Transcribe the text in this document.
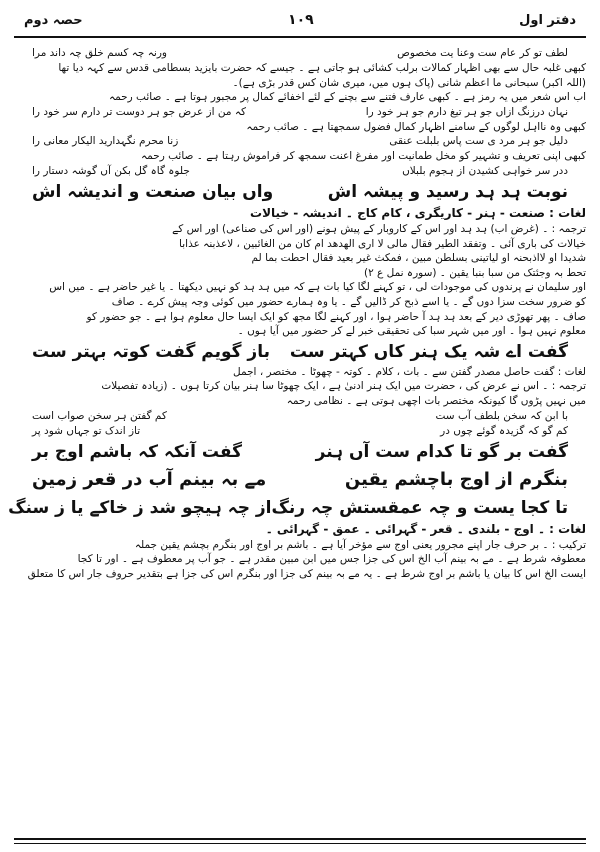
دفتر اول
۱۰۹
حصہ دوم
لطف تو کر عام ست وعنا یت مخصوص
ورنہ چہ کسم خلق چہ داند مرا

کبھی غلبہ حال سے بھی اظہار کمالات برلب کشائی ہو جاتی ہے ۔ جیسے کہ حضرت بایزید بسطامی قدس سے کہہ دیا تھا

(اللہ اکبر) سبحانی ما اعظم شانی (پاک ہوں میں، میری شان کس قدر بڑی ہے)۔

اب اس شعر میں یہ رمز ہے ۔ کبھی عارف فتنے سے بچنے کے لئے اخفائے کمال پر مجبور ہوتا ہے ۔ صائب رحمہ

نہان درزنگ ازاں جو ہر تیغ دارم جو ہر خود را
کہ من از عرض جو ہر دوست تر دارم سر خود را

کبھی وہ نااہل لوگوں کے سامنے اظہار کمال فضول سمجھتا ہے ۔ صائب رحمہ

دلیل جو ہر مرد ی ست پاس بلبلت عنقی
زنا محرم نگہدارید الیکار معانی را

کبھی اپنی تعریف و تشہیر کو مخل طمانیت اور مفرغ اعنت سمجھ کر فراموش رہتا ہے ۔ صائب رحمہ

ددر سر خواہی کشیدن از ہجوم بلبلاں
جلوہ گاہ گل بکن آں گوشہ دستار را
نوبت ہد ہد رسید و پیشہ اش
واں بیان صنعت و اندیشہ اش

لغات : صنعت - ہنر - کاریگری ، کام کاج ۔ اندیشہ - خیالات

ترجمہ : ۔ (غرض اب) ہد ہد اور اس کے کاروبار کے پیش ہونے (اور اس کی صناعی) اور اس کے

خیالات کی باری آئی ۔ وتفقد الطیر فقال مالی لا اری الھدھد ام کان من الغائبین ، لاعذبنہ عذابا

شدیدا او لااذبحنہ او لیاتینی بسلطن مبین ، فمکث غیر بعید فقال احطت بما لم

تحط بہ وجئتک من سبا بنبا یقین ۔ (سورہ نمل ع ۲)

اور سلیمان نے پرندوں کی موجودات لی ، تو کہنے لگا کیا بات ہے کہ میں ہد ہد کو نہیں دیکھتا ۔ یا غیر حاضر ہے ۔ میں اس

کو ضرور سخت سزا دوں گے ۔ یا اسے ذبح کر ڈالیں گے ۔ یا وہ ہمارے حضور میں کوئی وجہ پیش کرے ۔ صاف

صاف ۔ پھر تھوڑی دیر کے بعد ہد ہد آ حاضر ہوا ، اور کہنے لگا مجھ کو ایک ایسا حال معلوم ہوا ہے ۔ جو حضور کو

معلوم نہیں ہوا ۔ اور میں شہر سبا کی تحقیقی خبر لے کر حضور میں آیا ہوں ۔

گفت اے شہ یک ہنر کاں کہتر ست
باز گویم گفت کوتہ بہتر ست

لغات : گفت حاصل مصدر گفتن سے ۔ بات ، کلام ۔ کوتہ - چھوٹا ۔ مختصر ، اجمل

ترجمہ : ۔ اس نے عرض کی ، حضرت میں ایک ہنر ادنیٰ ہے ، ایک چھوٹا سا ہنر بیان کرتا ہوں ۔ (زیادہ تفصیلات

میں نہیں پڑوں گا کیونکہ مختصر بات اچھی ہوتی ہے ۔ نظامی رحمہ

با ابن کہ سخن بلطف آب ست
کم گفتن ہر سخن صواب است
کم گو کہ گزیدہ گوئے چوں در
تاز اندک تو جہاں شود پر
گفت بر گو تا کدام ست آں ہنر
گفت آنکہ کہ باشم اوج بر
بنگرم از اوج باچشم یقین
مے بہ بینم آب در قعر زمین
تا کجا یست و چہ عمقستش چہ رنگ
از چہ ہیچو شد ز خاکے یا ز سنگ

لغات : ۔ اوج - بلندی ۔ قعر - گہرائی ۔ عمق - گہرائی ۔

ترکیب : ۔ بر حرف جار اپنے مجرور یعنی اوج سے مؤخر آیا ہے ۔ باشم بر اوج اور بنگرم بچشم یقین جملہ

معطوفہ شرط ہے ۔ مے بہ بینم آب الخ اس کی جزا جس میں ابن مبین مقدر ہے ۔ جو آب پر معطوف ہے ۔ اور تا کجا

ایست الخ اس کا بیان یا باشم بر اوج شرط ہے ۔ یہ مے بہ بینم کی جزا اور بنگرم اس کی جزا ہے بتقدیر حروف جار اس کا متعلق
